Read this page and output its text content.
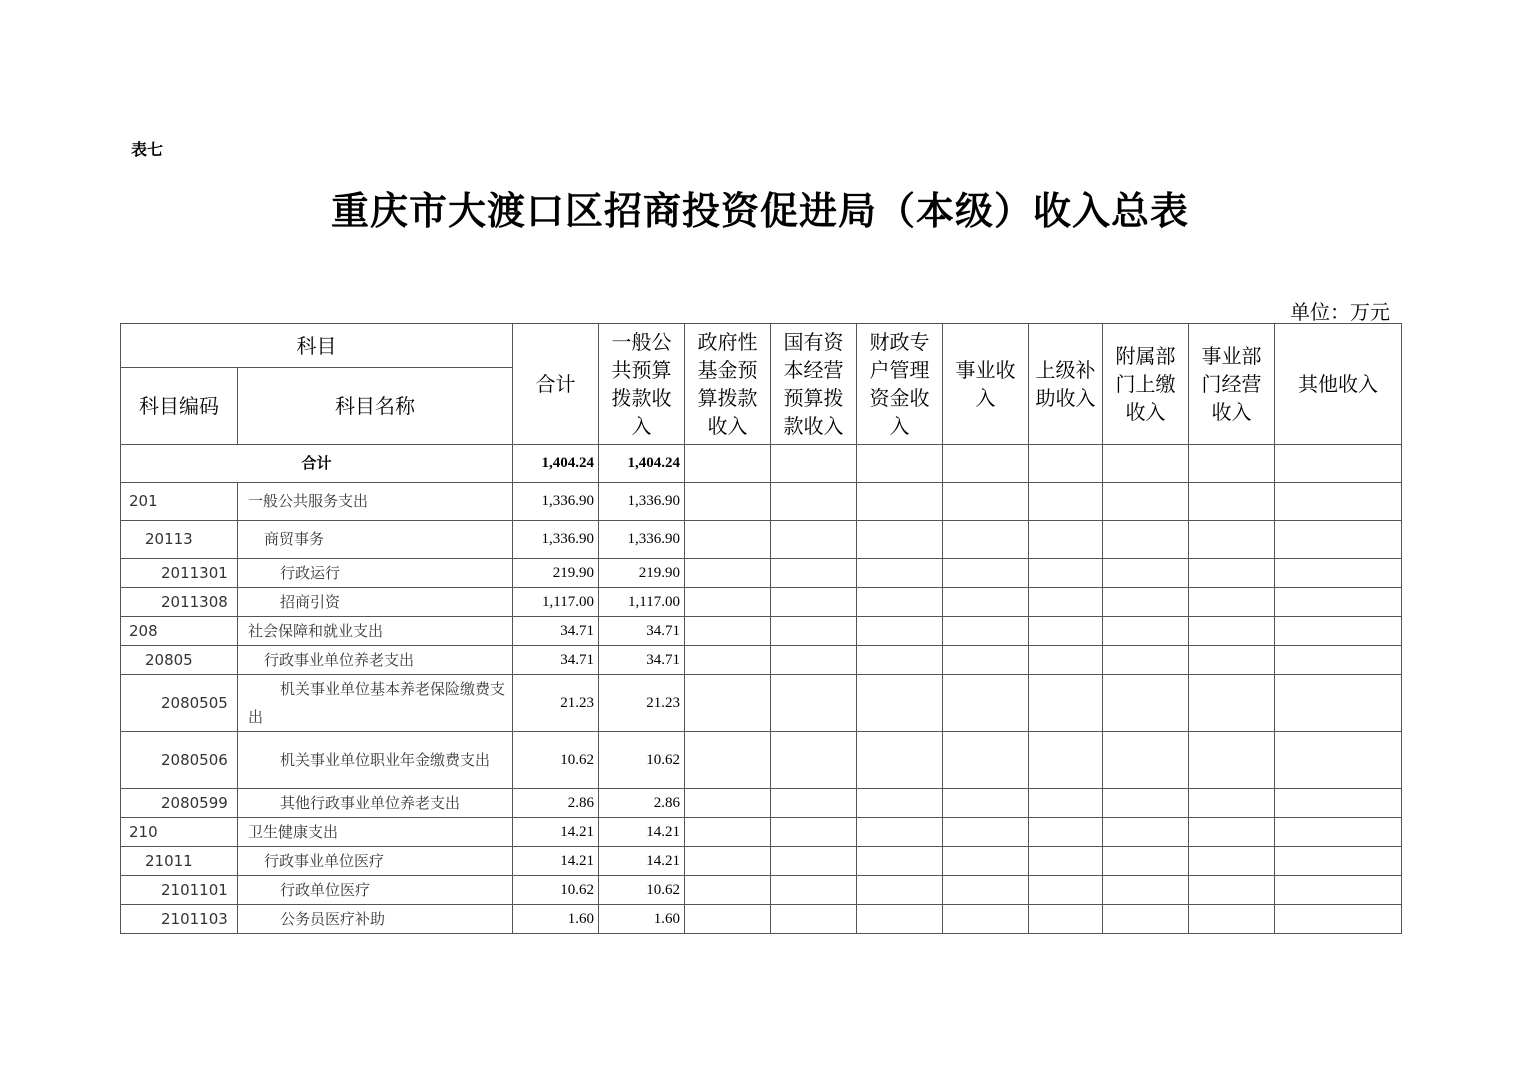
表七
重庆市大渡口区招商投资促进局（本级）收入总表
单位：万元
科目		合计	一般公共预算拨款收入	政府性基金预算拨款收入	国有资本经营预算拨款收入	财政专户管理资金收入	事业收入	上级补助收入	附属部门上缴收入	事业部门经营收入	其他收入
科目编码	科目名称										
合计		1,404.24	1,404.24								
201	一般公共服务支出	1,336.90	1,336.90								
20113	商贸事务	1,336.90	1,336.90								
2011301	行政运行	219.90	219.90								
2011308	招商引资	1,117.00	1,117.00								
208	社会保障和就业支出	34.71	34.71								
20805	行政事业单位养老支出	34.71	34.71								
2080505	机关事业单位基本养老保险缴费支出	21.23	21.23								
2080506	机关事业单位职业年金缴费支出	10.62	10.62								
2080599	其他行政事业单位养老支出	2.86	2.86								
210	卫生健康支出	14.21	14.21								
21011	行政事业单位医疗	14.21	14.21								
2101101	行政单位医疗	10.62	10.62								
2101103	公务员医疗补助	1.60	1.60								
